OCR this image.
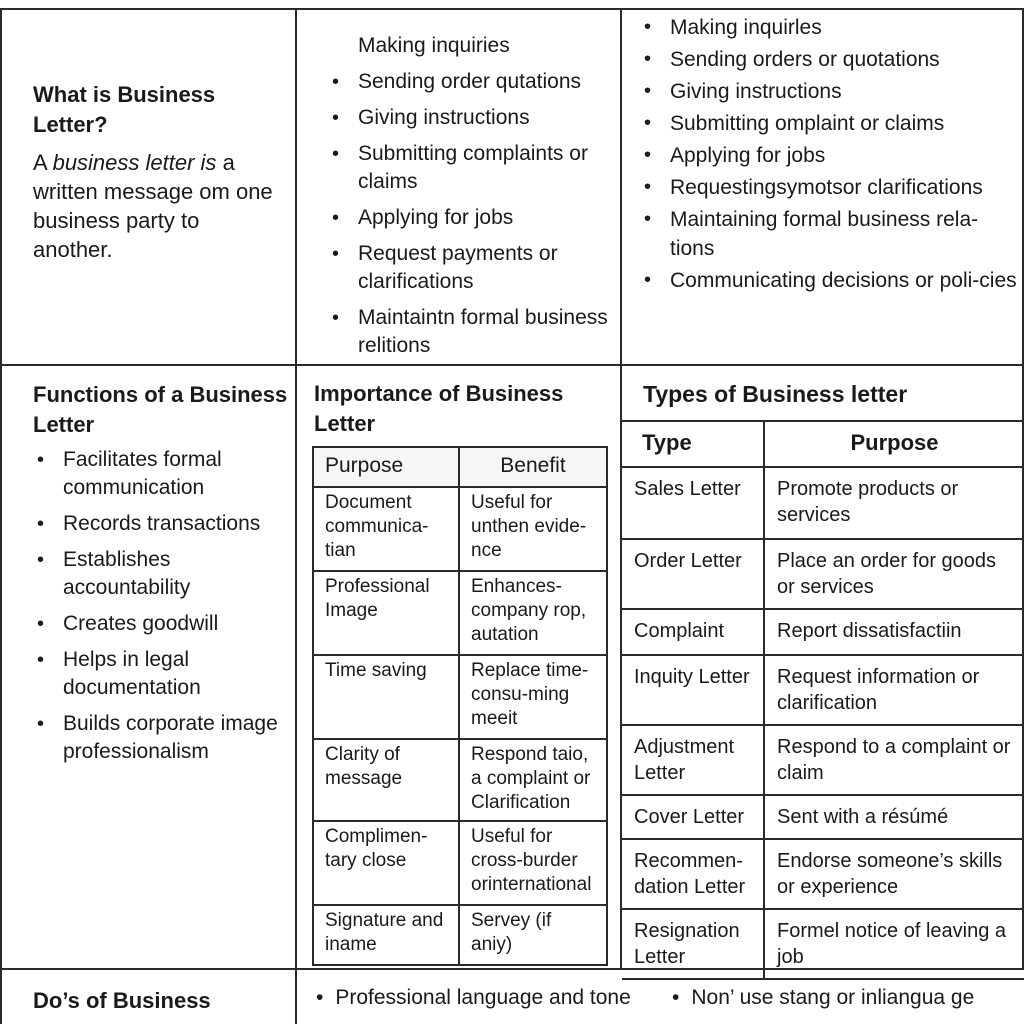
What is Business Letter?
A business letter is a written message om one business party to another.
Making inquiries
• Sending order qutations
• Giving instructions
• Submitting complaints or claims
• Applying for jobs
• Request payments or clarifications
• Maintaintn formal business relitions
• Making inquirles
• Sending orders or quotations
• Giving instructions
• Submitting omplaint or claims
• Applying for jobs
• Requestingsymotsor clarifications
• Maintaining formal business rela-tions
• Communicating decisions or poli-cies
Functions of a Business Letter
• Facilitates formal communication
• Records transactions
• Establishes accountability
• Creates goodwill
• Helps in legal documentation
• Builds corporate image professionalism
Importance of Business Letter
Purpose	Benefit
Document communica-tian	Useful for unthen evide-nce
Professional Image	Enhances-company rop, autation
Time saving	Replace time-consu-ming meeit
Clarity of message	Respond taio, a complaint or Clarification
Complimen-tary close	Useful for cross-burder orinternational
Signature and iname	Servey (if aniy)
Types of Business letter
Type	Purpose
Sales Letter	Promote products or services
Order Letter	Place an order for goods or services
Complaint	Report dissatisfactiin
Inquity Letter	Request information or clarification
Adjustment Letter	Respond to a complaint or claim
Cover Letter	Sent with a résúmé
Recommen-dation Letter	Endorse someone’s skills or experience
Resignation Letter	Formel notice of leaving a job
Do’s of Business	• Professional language and tone • Non’ use stang or inliangua ge
